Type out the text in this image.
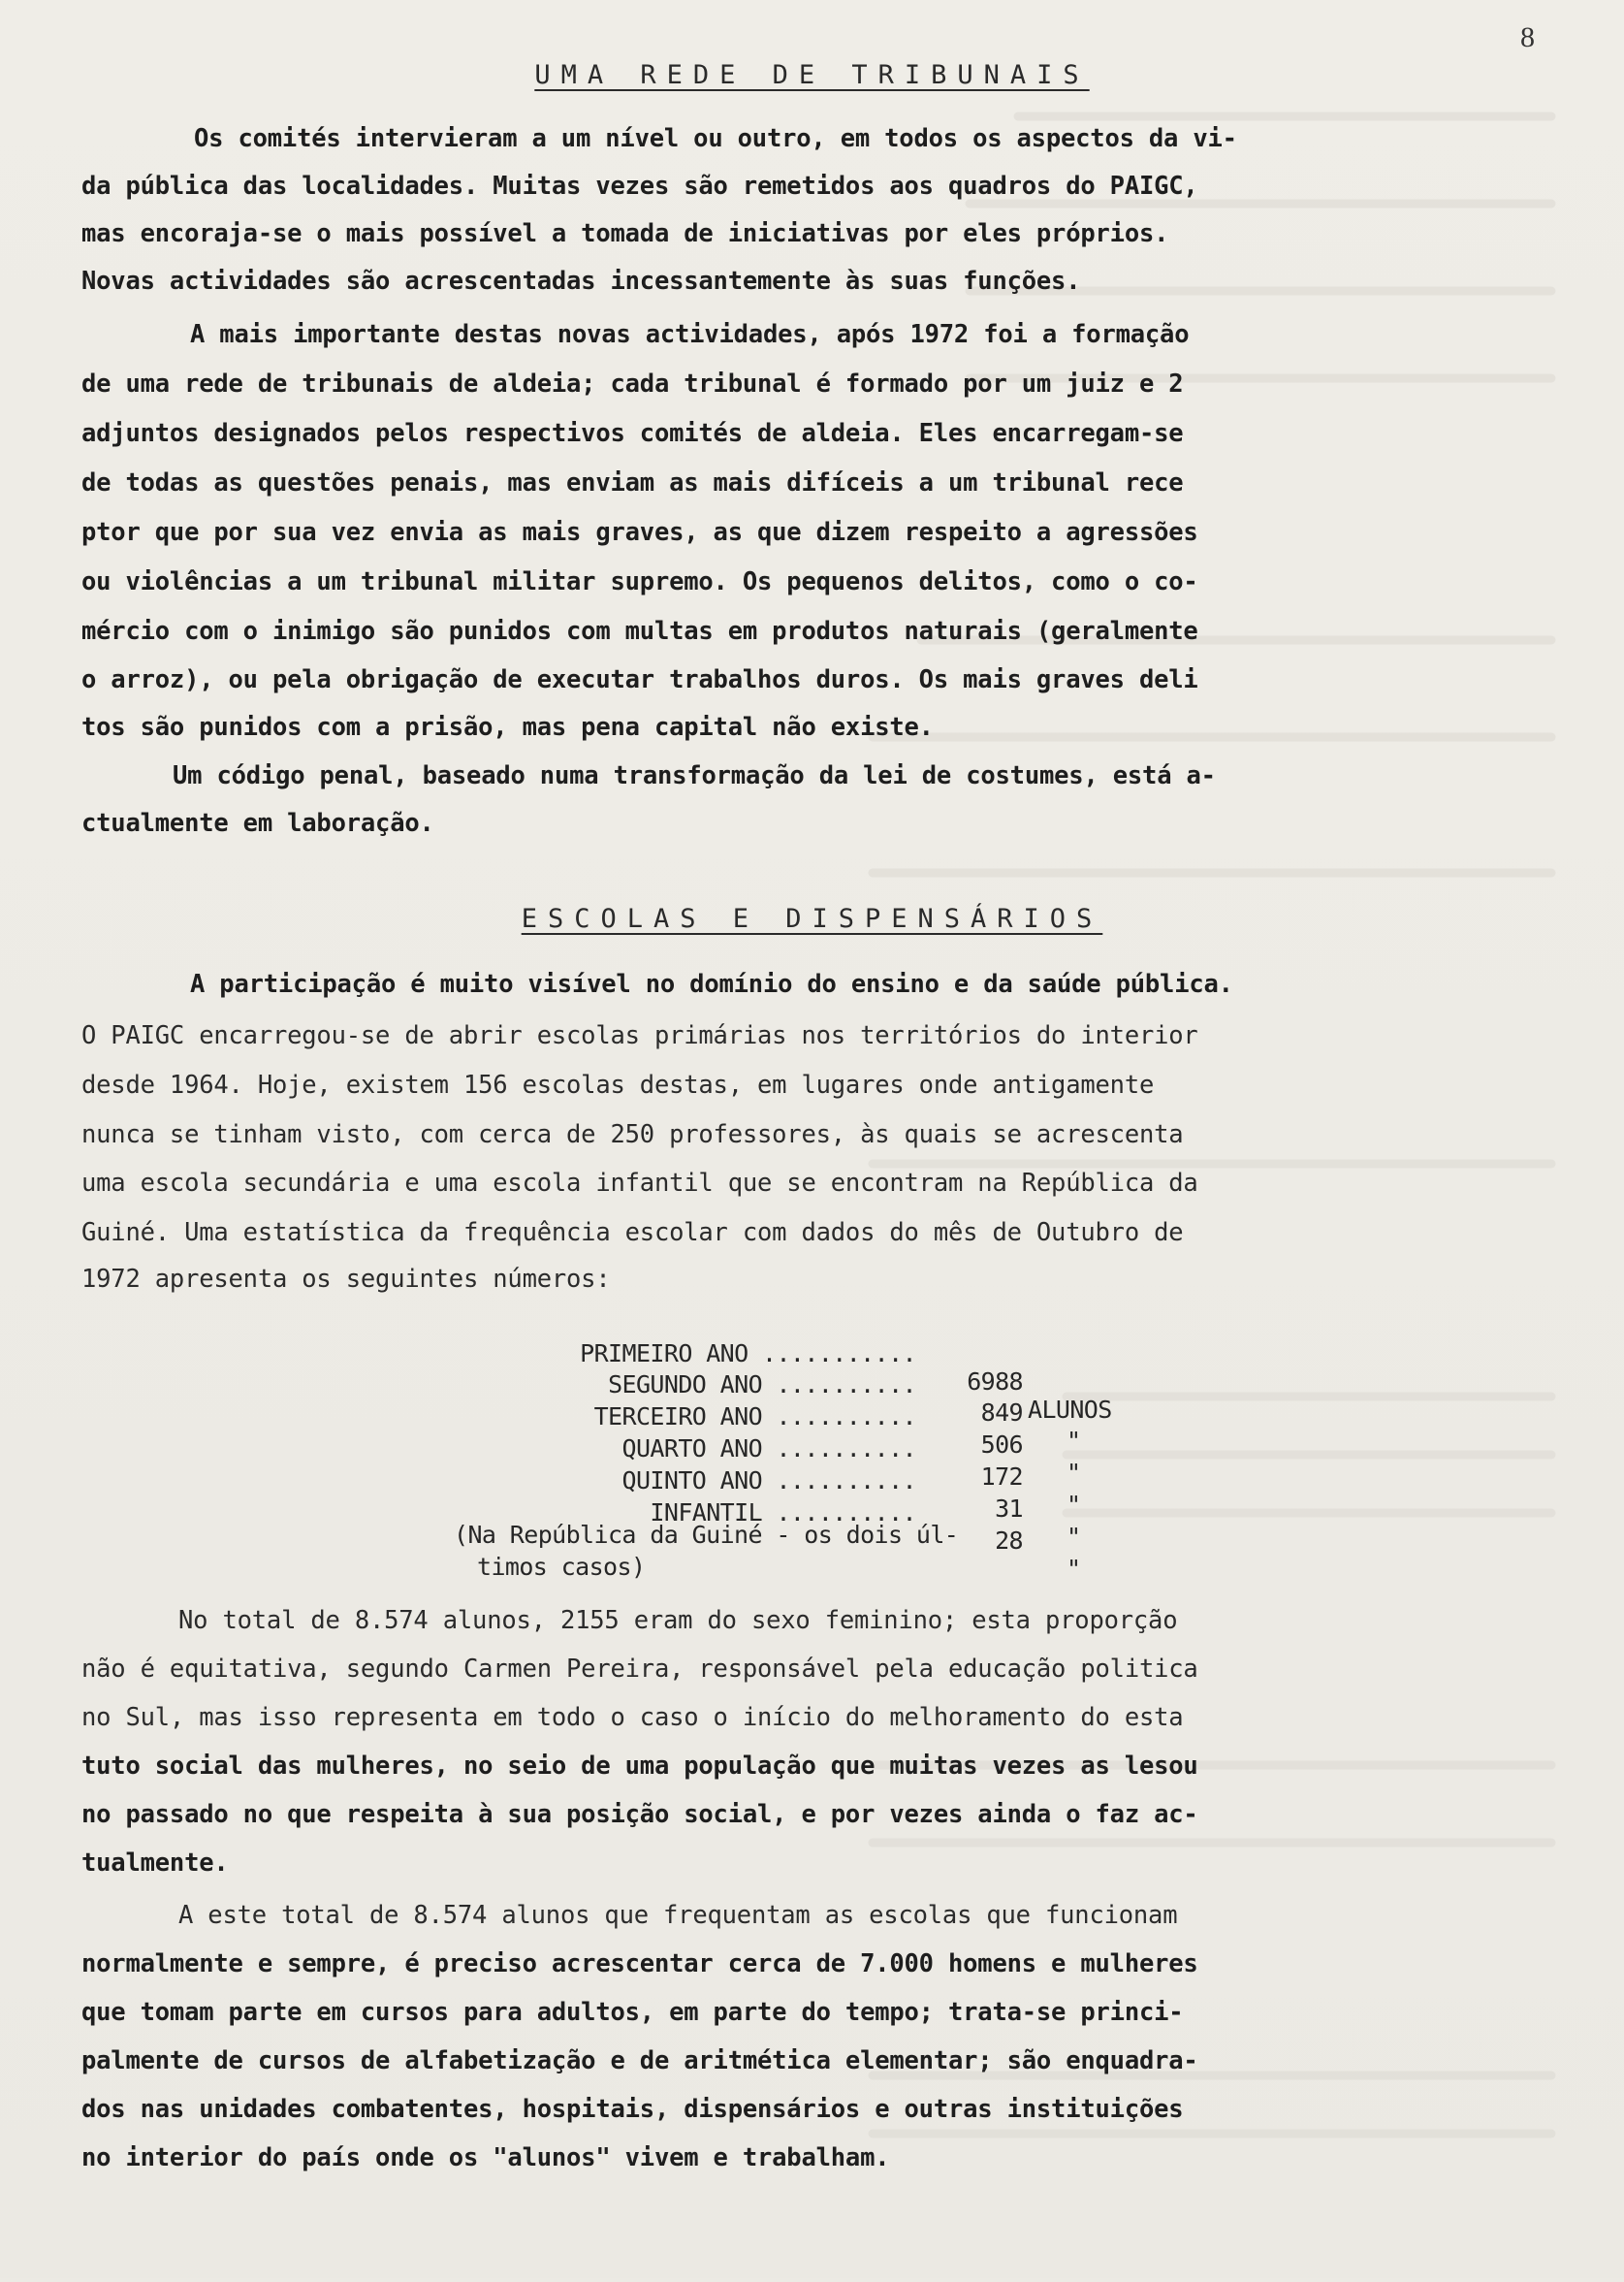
8
UMA REDE DE TRIBUNAIS
Os comités intervieram a um nível ou outro, em todos os aspectos da vi-
da pública das localidades. Muitas vezes são remetidos aos quadros do PAIGC,
mas encoraja-se o mais possível a tomada de iniciativas por eles próprios.
Novas actividades são acrescentadas incessantemente às suas funções.
A mais importante destas novas actividades, após 1972 foi a formação
de uma rede de tribunais de aldeia; cada tribunal é formado por um juiz e 2
adjuntos designados pelos respectivos comités de aldeia. Eles encarregam-se
de todas as questões penais, mas enviam as mais difíceis a um tribunal rece
ptor que por sua vez envia as mais graves, as que dizem respeito a agressões
ou violências a um tribunal militar supremo. Os pequenos delitos, como o co-
mércio com o inimigo são punidos com multas em produtos naturais (geralmente
o arroz), ou pela obrigação de executar trabalhos duros. Os mais graves deli
tos são punidos com a prisão, mas pena capital não existe.
Um código penal, baseado numa transformação da lei de costumes, está a-
ctualmente em laboração.
ESCOLAS E DISPENSÁRIOS
A participação é muito visível no domínio do ensino e da saúde pública.
O PAIGC encarregou-se de abrir escolas primárias nos territórios do interior
desde 1964. Hoje, existem 156 escolas destas, em lugares onde antigamente
nunca se tinham visto, com cerca de 250 professores, às quais se acrescenta
uma escola secundária e uma escola infantil que se encontram na República da
Guiné. Uma estatística da frequência escolar com dados do mês de Outubro de
1972 apresenta os seguintes números:

PRIMEIRO ANO ...........

6988

ALUNOS

SEGUNDO ANO ..........

849

"

TERCEIRO ANO ..........

506

"

QUARTO ANO ..........

172

"

QUINTO ANO ..........

31

"

INFANTIL ..........

28

"

(Na República da Guiné - os dois úl-
timos casos)
No total de 8.574 alunos, 2155 eram do sexo feminino; esta proporção
não é equitativa, segundo Carmen Pereira, responsável pela educação politica
no Sul, mas isso representa em todo o caso o início do melhoramento do esta
tuto social das mulheres, no seio de uma população que muitas vezes as lesou
no passado no que respeita à sua posição social, e por vezes ainda o faz ac-
tualmente.
A este total de 8.574 alunos que frequentam as escolas que funcionam
normalmente e sempre, é preciso acrescentar cerca de 7.000 homens e mulheres
que tomam parte em cursos para adultos, em parte do tempo; trata-se princi-
palmente de cursos de alfabetização e de aritmética elementar; são enquadra-
dos nas unidades combatentes, hospitais, dispensários e outras instituições
no interior do país onde os "alunos" vivem e trabalham.
